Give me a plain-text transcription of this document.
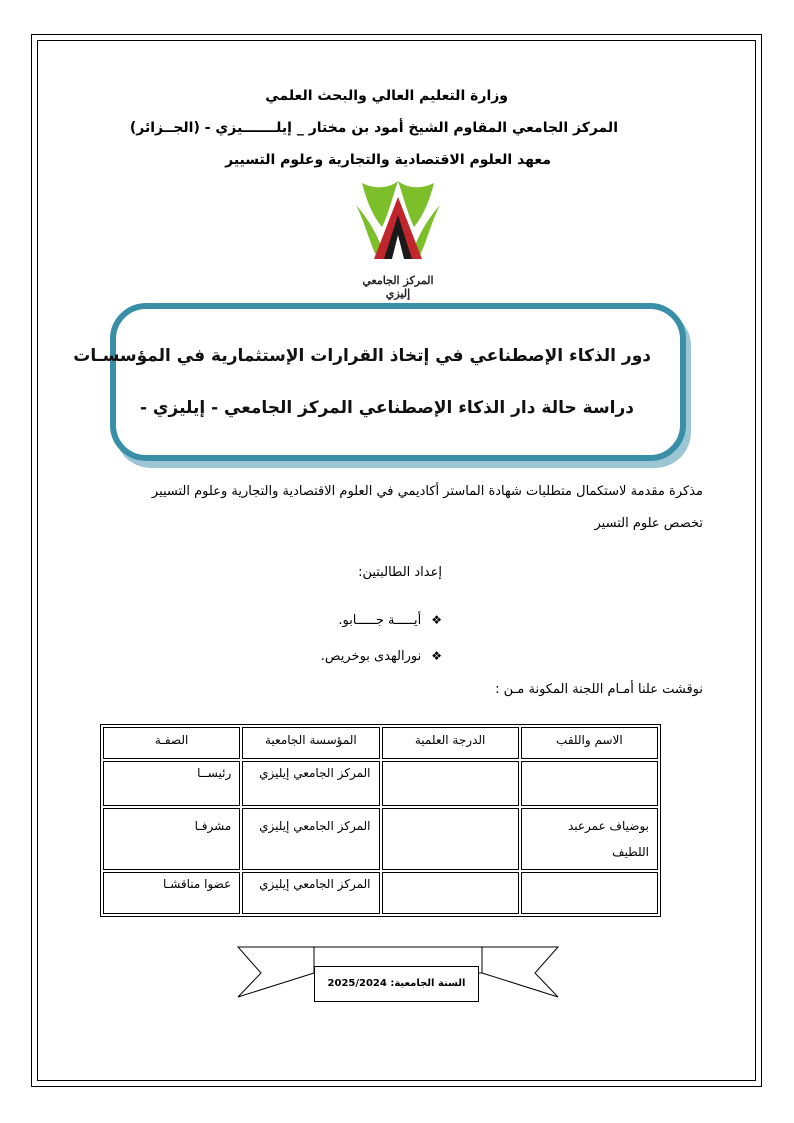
وزارة التعليم العالي والبحث العلمي
المركز الجامعي المقاوم الشيخ أمود بن مختار _ إيلـــــــيزي - (الجــزائر)
معهد العلوم الاقتصادية والتجارية وعلوم التسيير
المركز الجامعي إليزي
دور الذكاء الإصطناعي في إتخاذ القرارات الإستثمارية في المؤسسـات
دراسة حالة دار الذكاء الإصطناعي المركز الجامعي - إيليزي -
مذكرة مقدمة لاستكمال متطلبات شهادة الماستر أكاديمي في العلوم الاقتصادية والتجارية وعلوم التسيير
تخصص علوم التسير
إعداد الطالبتين:
❖أيـــــة جـــــابو.
❖نورالهدى بوخريص.
نوقشت علنا أمـام اللجنة المكونة مـن :
الاسم واللقب	الدرجة العلمية	المؤسسة الجامعية	الصفـة
		المركز الجامعي إيليزي	رئيســا
بوضياف عمرعبد اللطيف		المركز الجامعي إيليزي	مشرفـا
		المركز الجامعي إيليزي	عضوا مناقشـا
السنة الجامعية: 2025/2024
